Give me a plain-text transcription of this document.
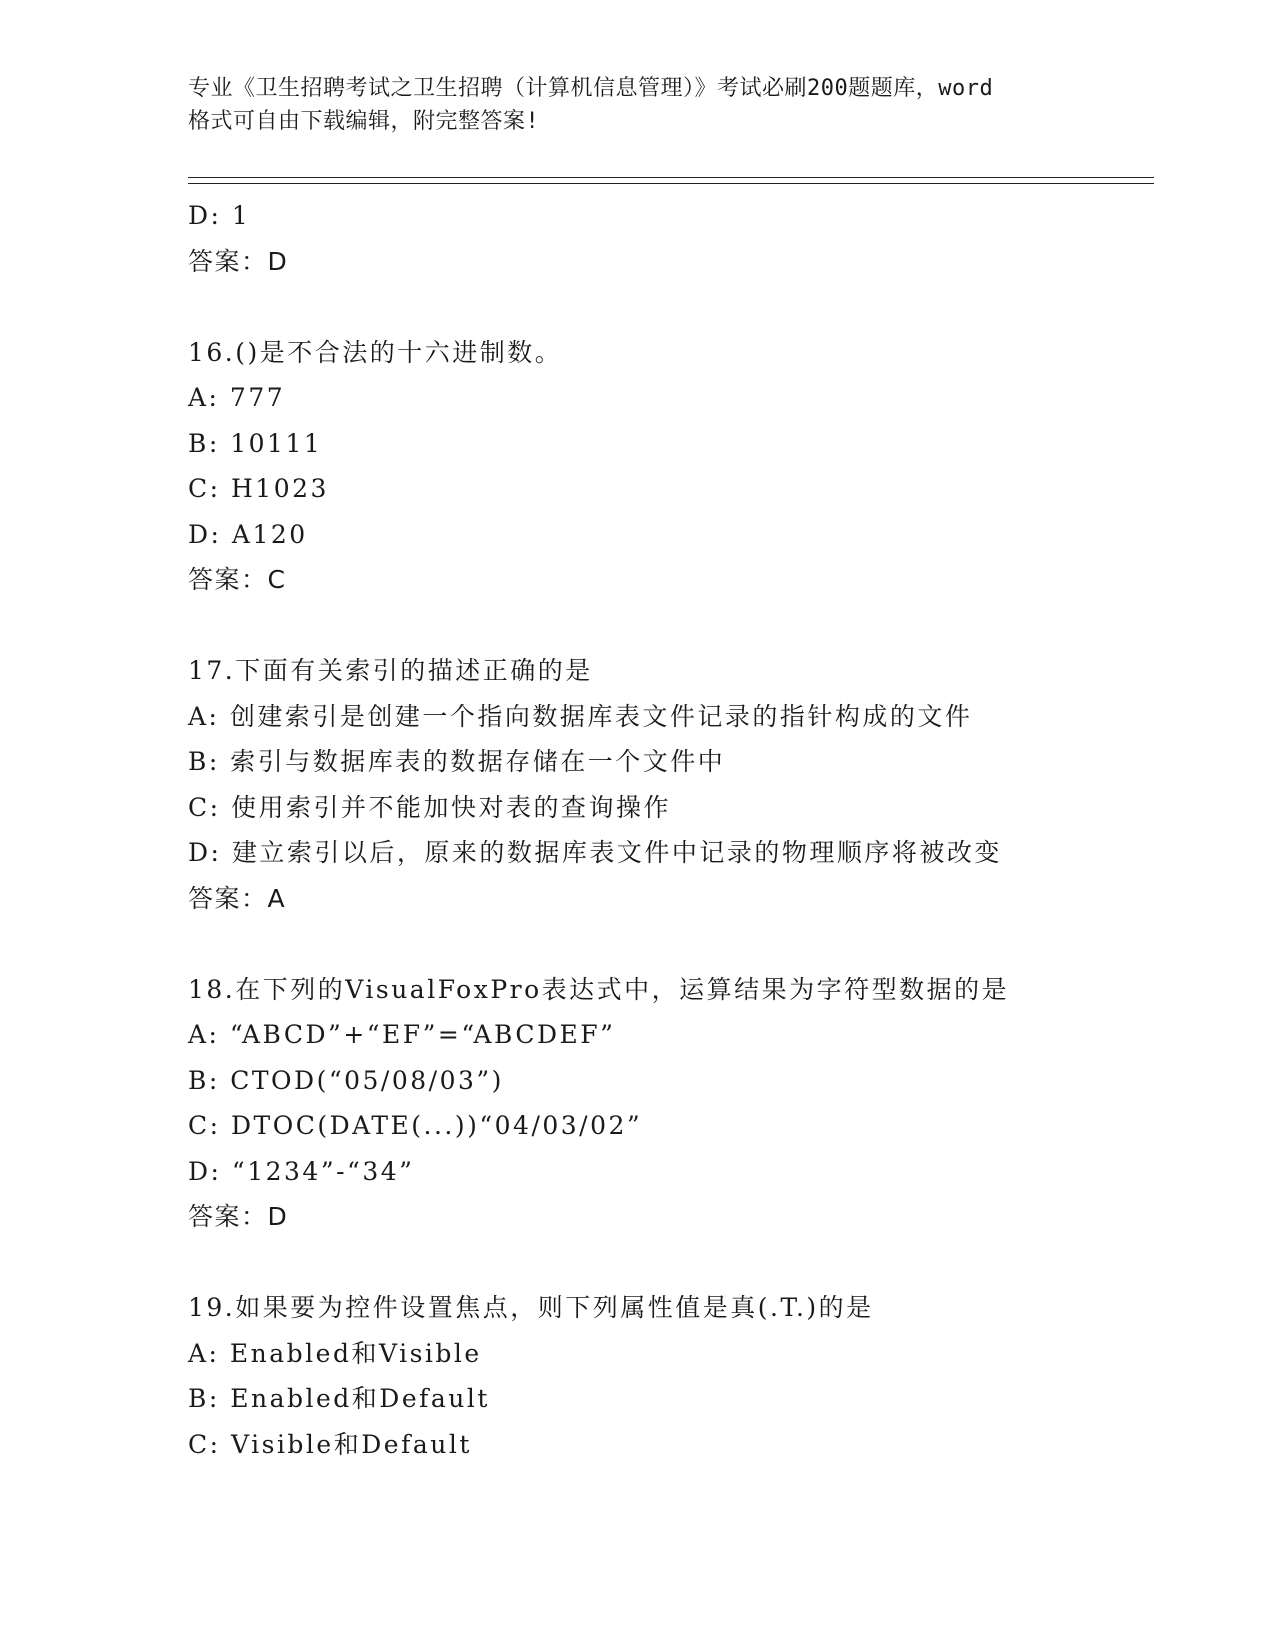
专业《卫生招聘考试之卫生招聘（计算机信息管理）》考试必刷200题题库，word
格式可自由下载编辑，附完整答案!
D: 1
答案：D
16.()是不合法的十六进制数。
A: 777
B: 10111
C: H1023
D: A120
答案：C
17.下面有关索引的描述正确的是
A: 创建索引是创建一个指向数据库表文件记录的指针构成的文件
B: 索引与数据库表的数据存储在一个文件中
C: 使用索引并不能加快对表的查询操作
D: 建立索引以后，原来的数据库表文件中记录的物理顺序将被改变
答案：A
18.在下列的VisualFoxPro表达式中，运算结果为字符型数据的是
A: “ABCD”+“EF”=“ABCDEF”
B: CTOD(“05/08/03”)
C: DTOC(DATE(...))“04/03/02”
D: “1234”-“34”
答案：D
19.如果要为控件设置焦点，则下列属性值是真(.T.)的是
A: Enabled和Visible
B: Enabled和Default
C: Visible和Default
